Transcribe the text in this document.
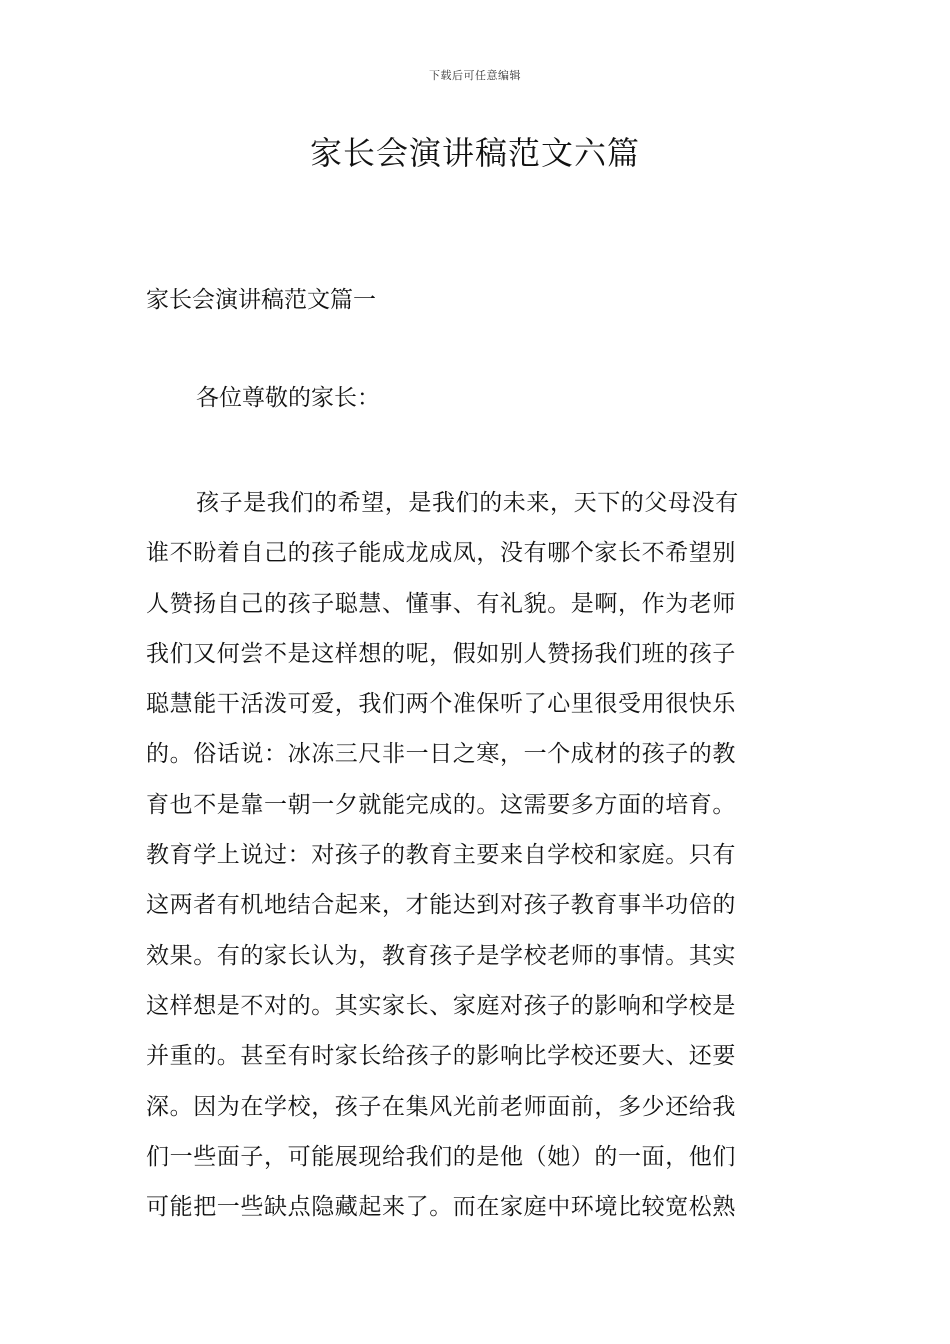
下载后可任意编辑
家长会演讲稿范文六篇
家长会演讲稿范文篇一

各位尊敬的家长：

孩子是我们的希望，是我们的未来，天下的父母没有
谁不盼着自己的孩子能成龙成凤，没有哪个家长不希望别
人赞扬自己的孩子聪慧、懂事、有礼貌。是啊，作为老师
我们又何尝不是这样想的呢，假如别人赞扬我们班的孩子
聪慧能干活泼可爱，我们两个准保听了心里很受用很快乐
的。俗话说：冰冻三尺非一日之寒，一个成材的孩子的教
育也不是靠一朝一夕就能完成的。这需要多方面的培育。
教育学上说过：对孩子的教育主要来自学校和家庭。只有
这两者有机地结合起来，才能达到对孩子教育事半功倍的
效果。有的家长认为，教育孩子是学校老师的事情。其实
这样想是不对的。其实家长、家庭对孩子的影响和学校是
并重的。甚至有时家长给孩子的影响比学校还要大、还要
深。因为在学校，孩子在集风光前老师面前，多少还给我
们一些面子，可能展现给我们的是他（她）的一面，他们
可能把一些缺点隐藏起来了。而在家庭中环境比较宽松熟
